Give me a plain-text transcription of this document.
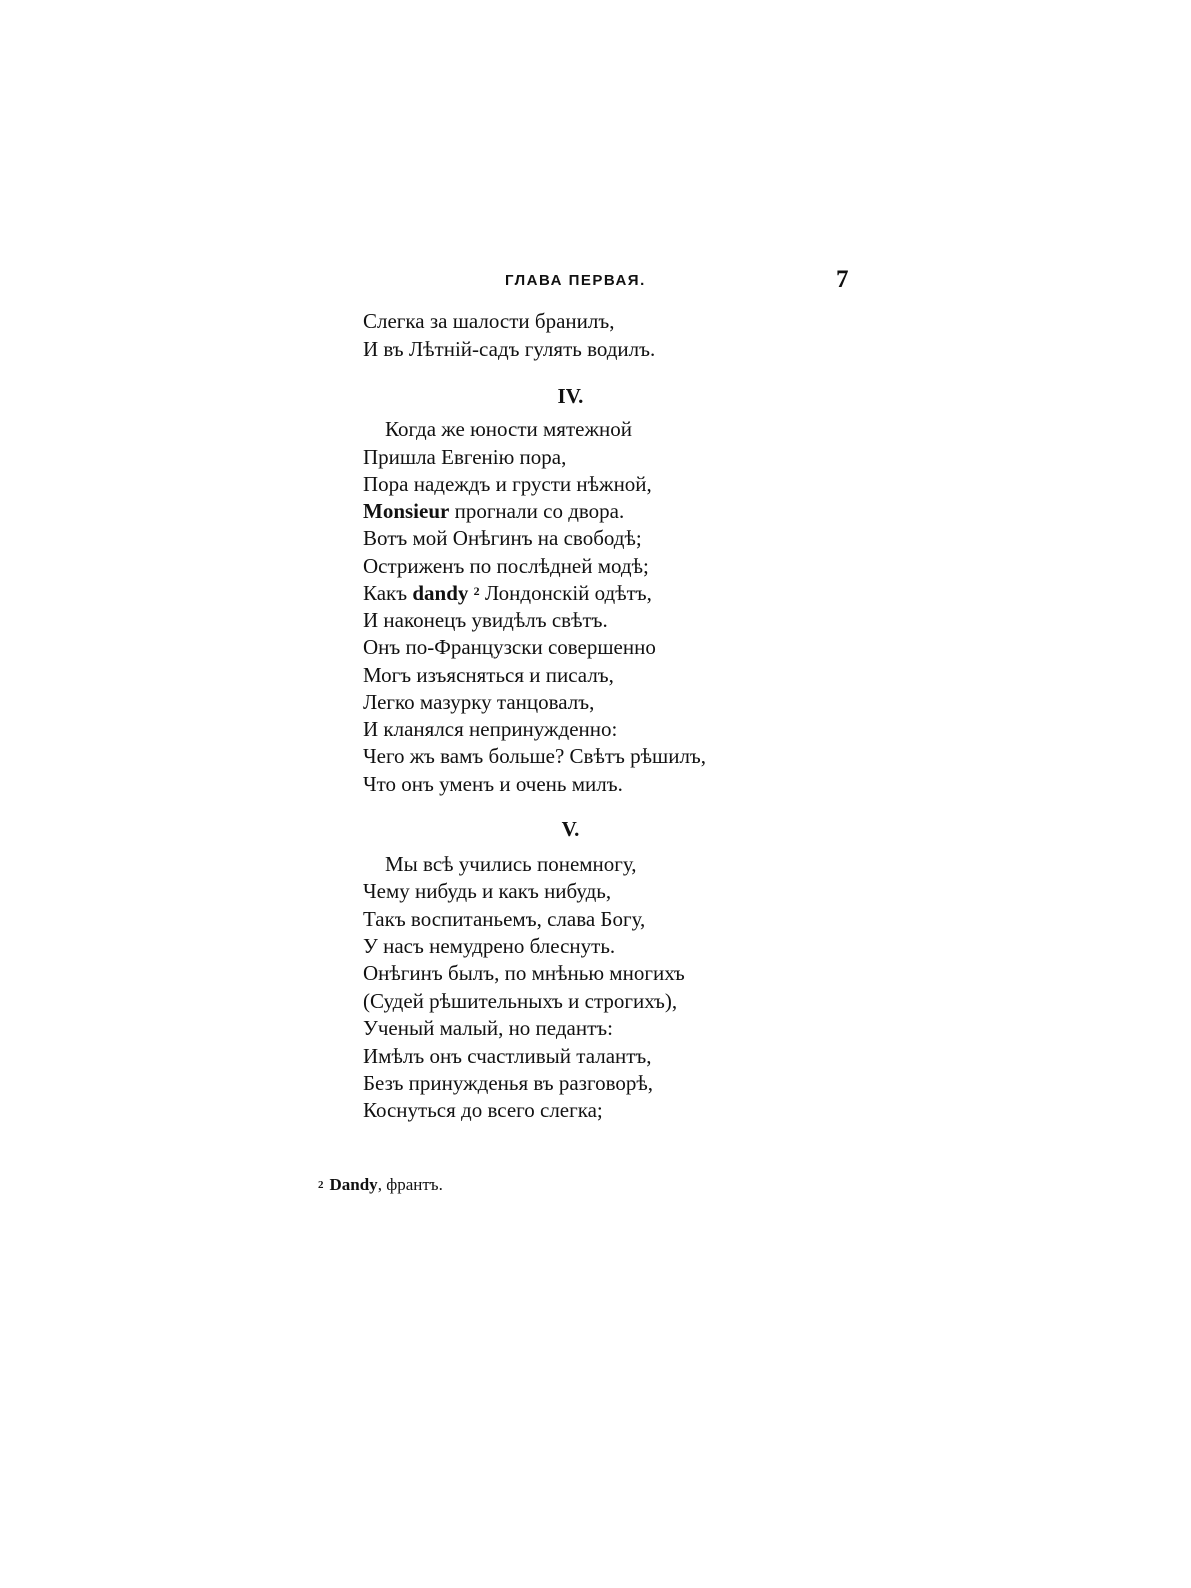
ГЛАВА ПЕРВАЯ.	7
Слегка за шалости бранилъ,
И въ Лѣтній-садъ гулять водилъ.
IV.
Когда же юности мятежной
Пришла Евгенію пора,
Пора надеждъ и грусти нѣжной,
Monsieur прогнали со двора.
Вотъ мой Онѣгинъ на свободѣ;
Остриженъ по послѣдней модѣ;
Какъ dandy $^2$ Лондонскій одѣтъ,
И наконецъ увидѣлъ свѣтъ.
Онъ по-Французски совершенно
Могъ изъясняться и писалъ,
Легко мазурку танцовалъ,
И кланялся непринужденно:
Чего жъ вамъ больше? Свѣтъ рѣшилъ,
Что онъ уменъ и очень милъ.
V.
Мы всѣ учились понемногу,
Чему нибудь и какъ нибудь,
Такъ воспитаньемъ, слава Богу,
У насъ немудрено блеснуть.
Онѣгинъ былъ, по мнѣнью многихъ
(Судей рѣшительныхъ и строгихъ),
Ученый малый, но педантъ:
Имѣлъ онъ счастливый талантъ,
Безъ принужденья въ разговорѣ,
Коснуться до всего слегка;
$^2$ Dandy, франтъ.
